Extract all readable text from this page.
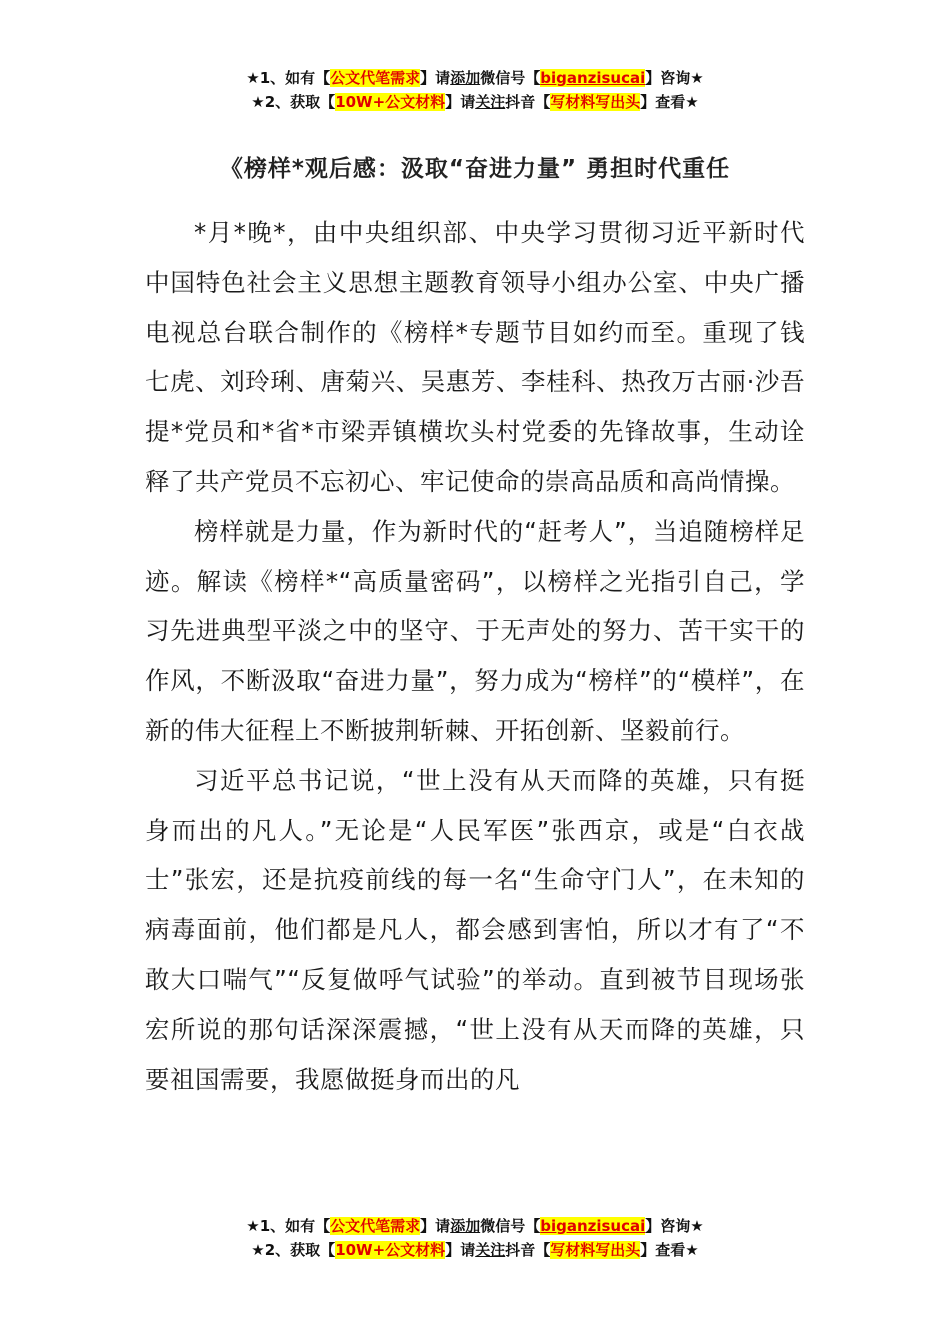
★1、如有【公文代笔需求】请添加微信号【biganzisucai】咨询★
★2、获取【10W+公文材料】请关注抖音【写材料写出头】查看★
《榜样*观后感：汲取“奋进力量” 勇担时代重任

*月*晚*，由中央组织部、中央学习贯彻习近平新时代中国特色社会主义思想主题教育领导小组办公室、中央广播电视总台联合制作的《榜样*专题节目如约而至。重现了钱七虎、刘玲琍、唐菊兴、吴惠芳、李桂科、热孜万古丽·沙吾提*党员和*省*市梁弄镇横坎头村党委的先锋故事，生动诠释了共产党员不忘初心、牢记使命的崇高品质和高尚情操。

榜样就是力量，作为新时代的“赶考人”，当追随榜样足迹。解读《榜样*“高质量密码”，以榜样之光指引自己，学习先进典型平淡之中的坚守、于无声处的努力、苦干实干的作风，不断汲取“奋进力量”，努力成为“榜样”的“模样”，在新的伟大征程上不断披荆斩棘、开拓创新、坚毅前行。

习近平总书记说，“世上没有从天而降的英雄，只有挺身而出的凡人。”无论是“人民军医”张西京，或是“白衣战士”张宏，还是抗疫前线的每一名“生命守门人”，在未知的病毒面前，他们都是凡人，都会感到害怕，所以才有了“不敢大口喘气”“反复做呼气试验”的举动。直到被节目现场张宏所说的那句话深深震撼，“世上没有从天而降的英雄，只要祖国需要，我愿做挺身而出的凡

★1、如有【公文代笔需求】请添加微信号【biganzisucai】咨询★
★2、获取【10W+公文材料】请关注抖音【写材料写出头】查看★
